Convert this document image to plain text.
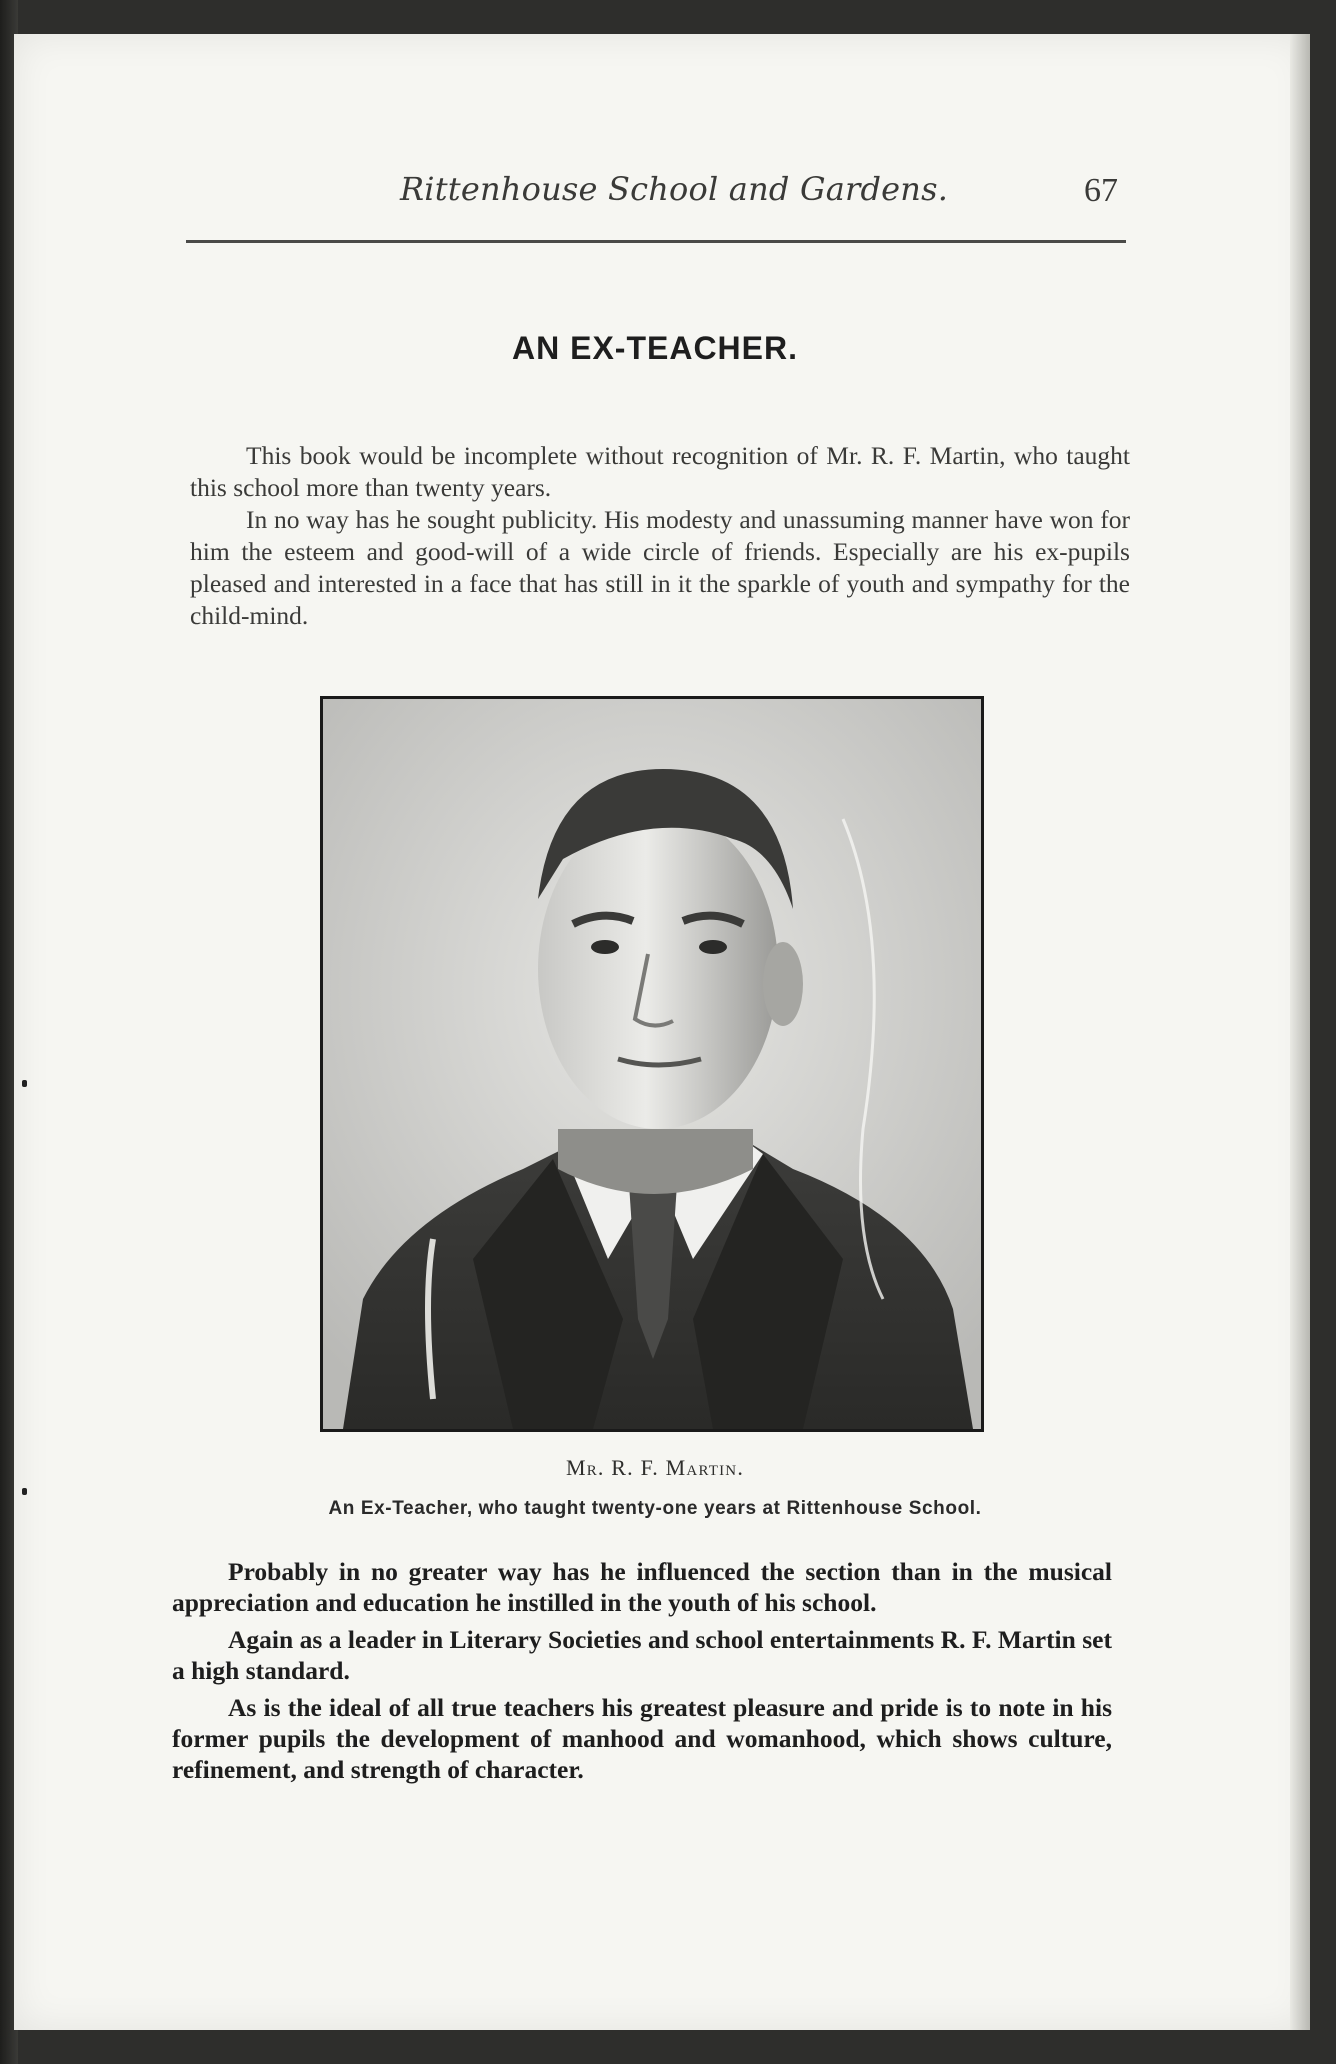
Rittenhouse School and Gardens.	67
AN EX-TEACHER.

This book would be incomplete without recognition of Mr. R. F. Martin, who taught this school more than twenty years.

In no way has he sought publicity. His modesty and unassuming manner have won for him the esteem and good-will of a wide circle of friends. Especially are his ex-pupils pleased and interested in a face that has still in it the sparkle of youth and sympathy for the child-mind.

Mr. R. F. Martin.
An Ex-Teacher, who taught twenty-one years at Rittenhouse School.

Probably in no greater way has he influenced the section than in the musical appreciation and education he instilled in the youth of his school.

Again as a leader in Literary Societies and school entertainments R. F. Martin set a high standard.

As is the ideal of all true teachers his greatest pleasure and pride is to note in his former pupils the development of manhood and womanhood, which shows culture, refinement, and strength of character.
